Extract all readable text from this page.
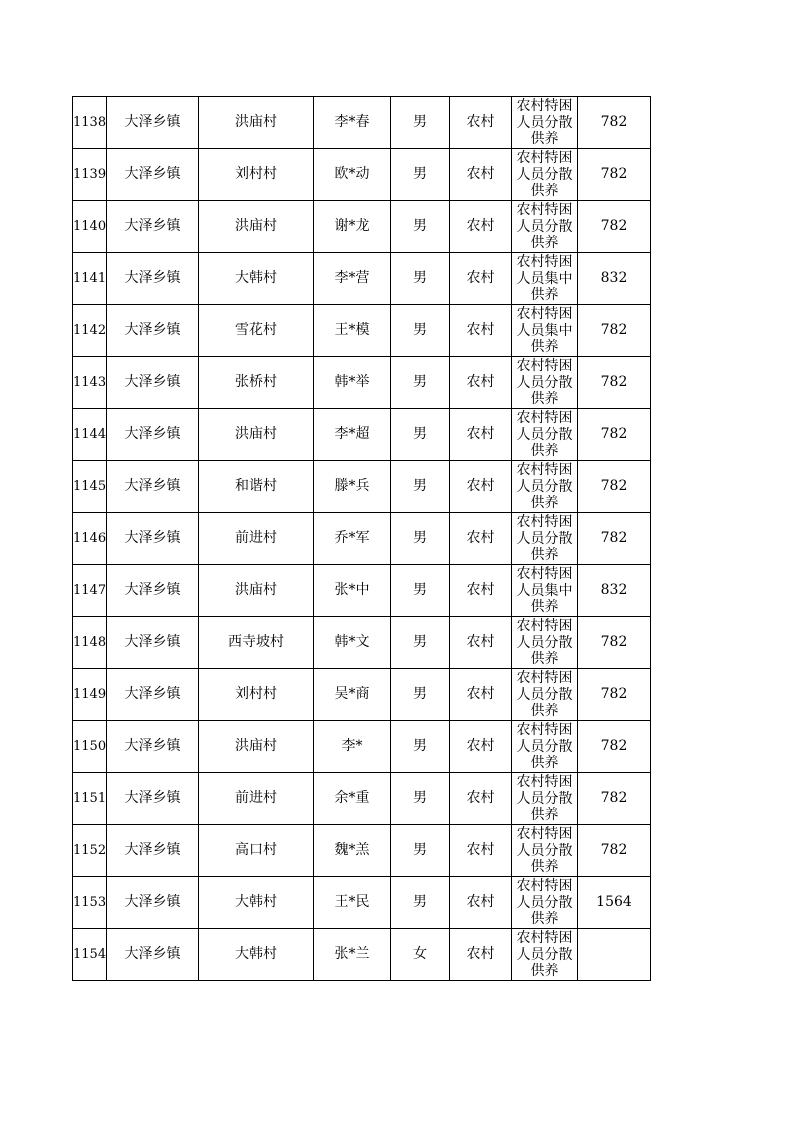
1138	大泽乡镇	洪庙村	李*春	男	农村	农村特困人员分散供养	782
1139	大泽乡镇	刘村村	欧*动	男	农村	农村特困人员分散供养	782
1140	大泽乡镇	洪庙村	谢*龙	男	农村	农村特困人员分散供养	782
1141	大泽乡镇	大韩村	李*营	男	农村	农村特困人员集中供养	832
1142	大泽乡镇	雪花村	王*模	男	农村	农村特困人员集中供养	782
1143	大泽乡镇	张桥村	韩*举	男	农村	农村特困人员分散供养	782
1144	大泽乡镇	洪庙村	李*超	男	农村	农村特困人员分散供养	782
1145	大泽乡镇	和谐村	滕*兵	男	农村	农村特困人员分散供养	782
1146	大泽乡镇	前进村	乔*军	男	农村	农村特困人员分散供养	782
1147	大泽乡镇	洪庙村	张*中	男	农村	农村特困人员集中供养	832
1148	大泽乡镇	西寺坡村	韩*文	男	农村	农村特困人员分散供养	782
1149	大泽乡镇	刘村村	吴*商	男	农村	农村特困人员分散供养	782
1150	大泽乡镇	洪庙村	李*	男	农村	农村特困人员分散供养	782
1151	大泽乡镇	前进村	余*重	男	农村	农村特困人员分散供养	782
1152	大泽乡镇	高口村	魏*羔	男	农村	农村特困人员分散供养	782
1153	大泽乡镇	大韩村	王*民	男	农村	农村特困人员分散供养	1564
1154	大泽乡镇	大韩村	张*兰	女	农村	农村特困人员分散供养	
